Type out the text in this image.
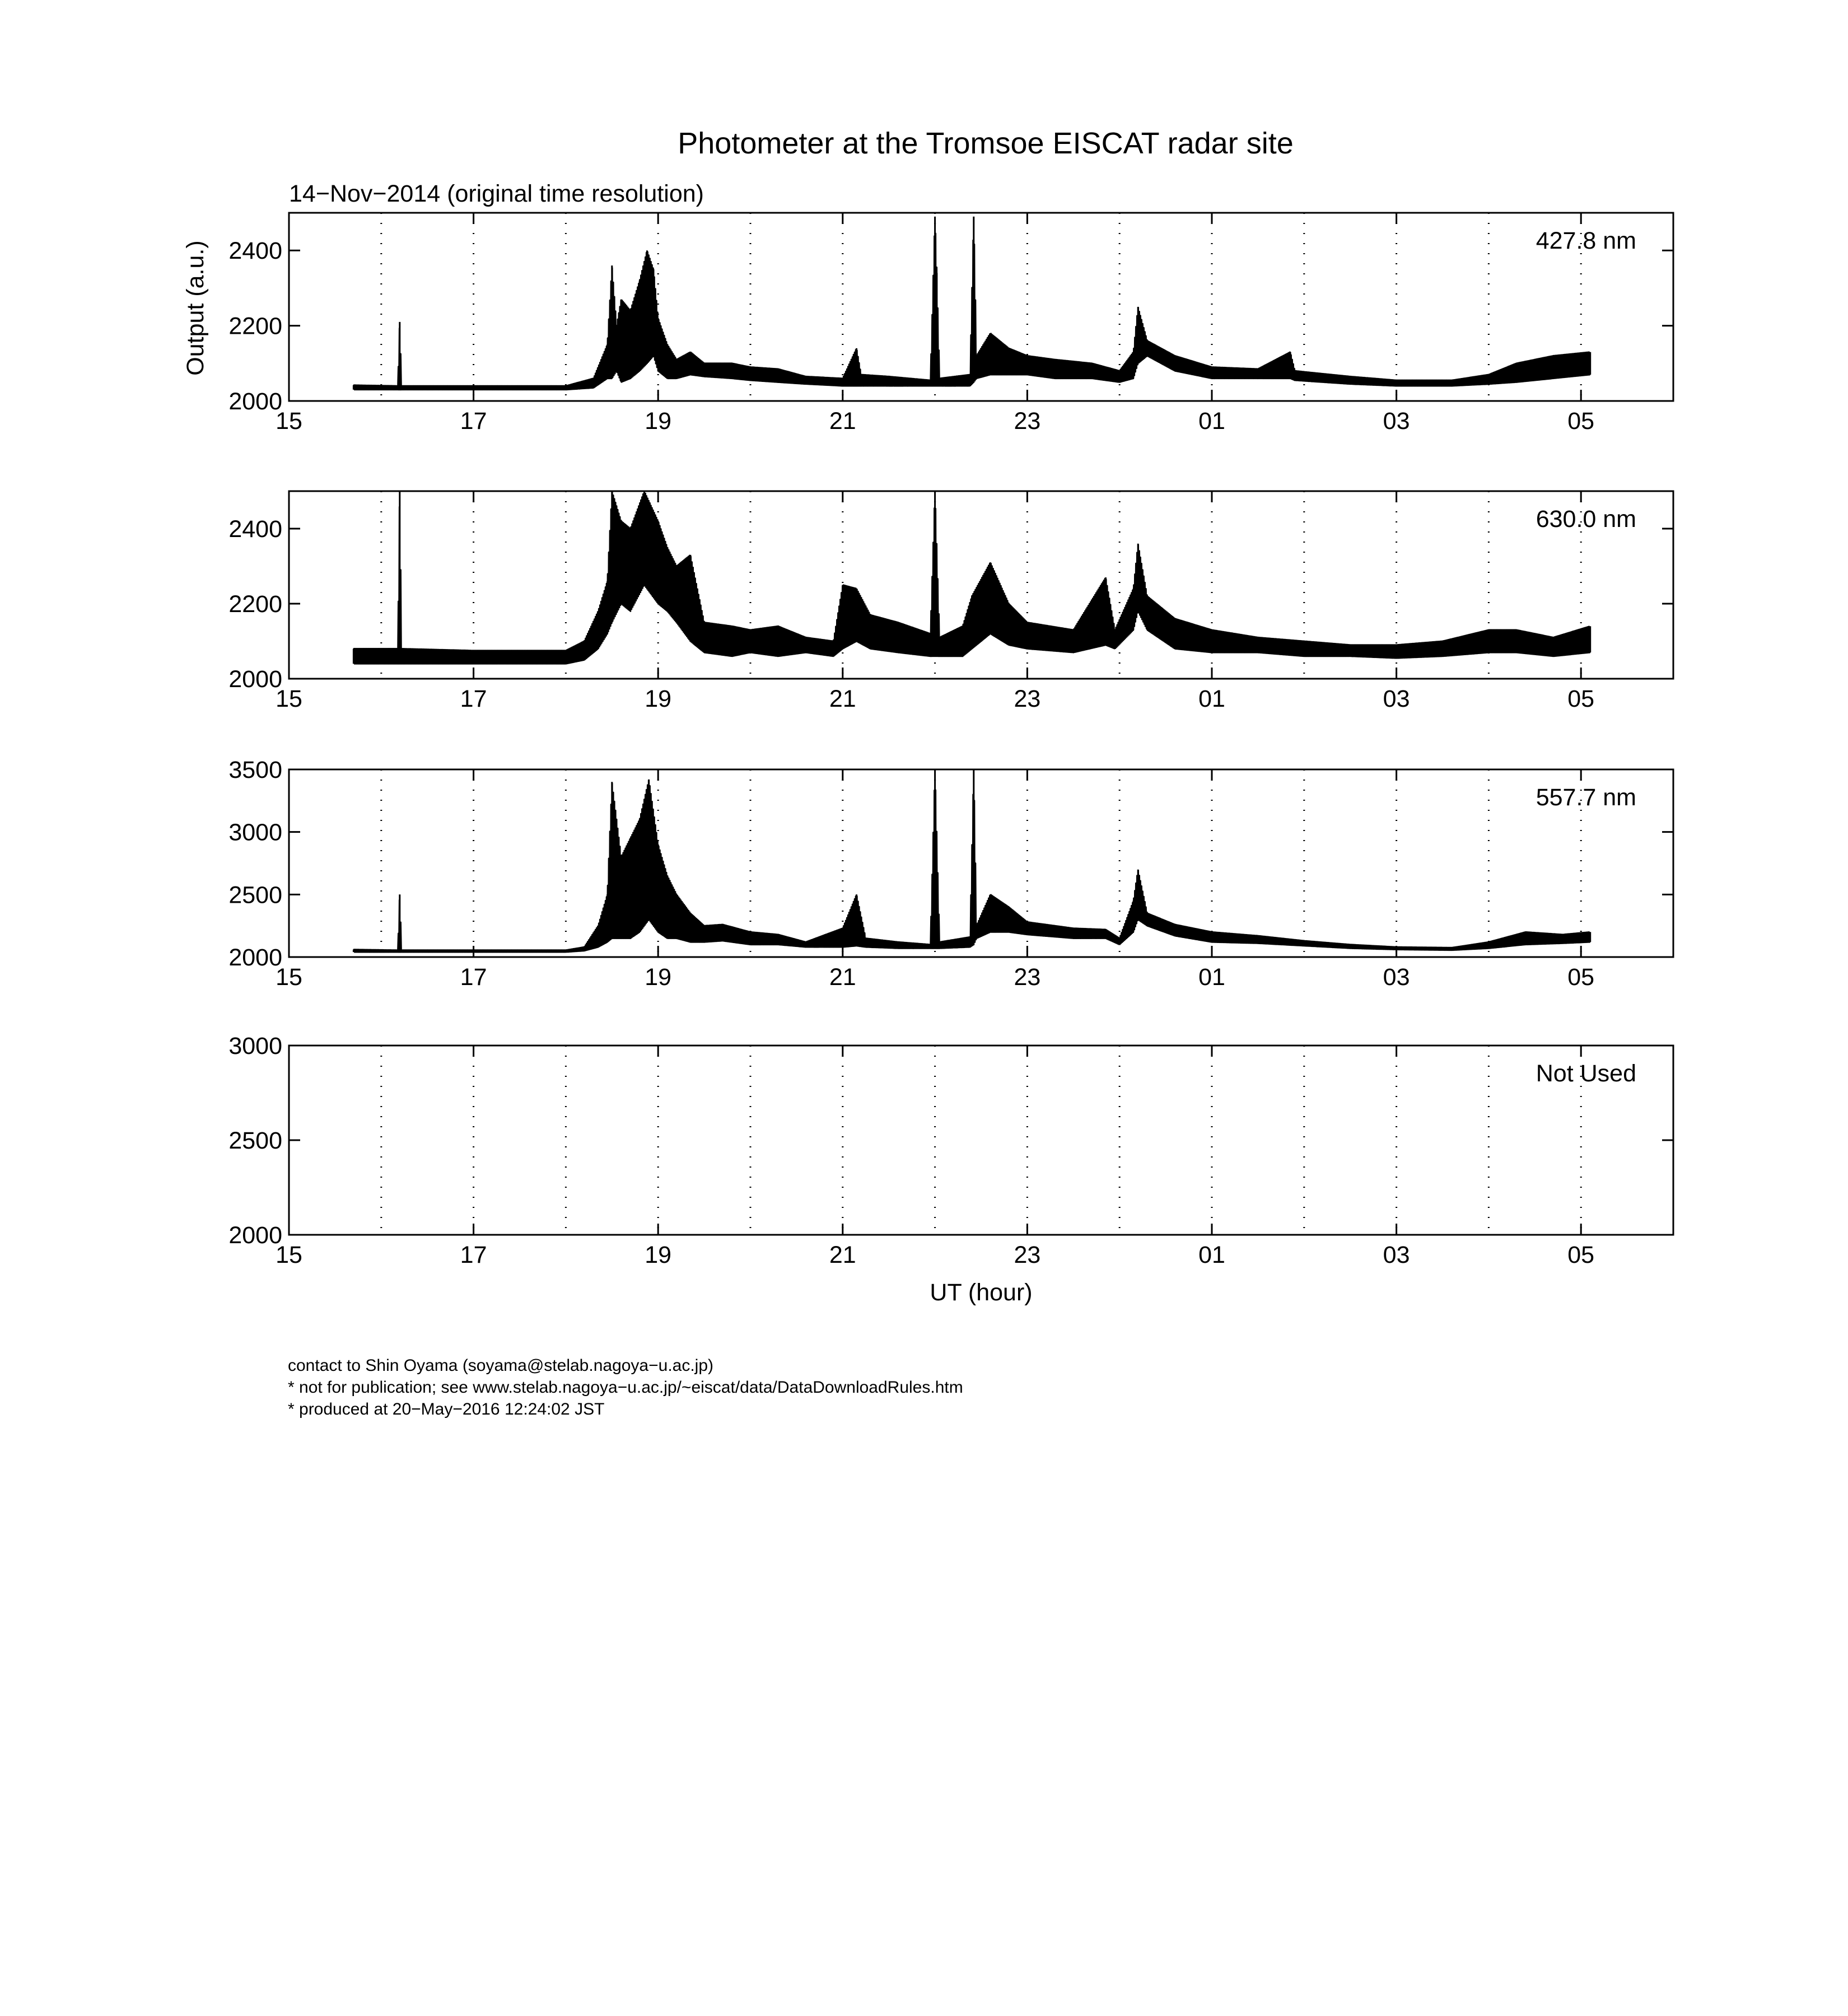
Photometer at the Tromsoe EISCAT radar site
14−Nov−2014 (original time resolution)
Output (a.u.)
UT (hour)
2000
2200
2400
15	17	19	21	23	01	03	05
427.8 nm
2000
2200
2400
15	17	19	21	23	01	03	05
630.0 nm
2000
2500
3000
3500
15	17	19	21	23	01	03	05
557.7 nm
2000
2500
3000
15	17	19	21	23	01	03	05
Not Used
contact to Shin Oyama (soyama@stelab.nagoya−u.ac.jp)
* not for publication; see www.stelab.nagoya−u.ac.jp/~eiscat/data/DataDownloadRules.htm
* produced at 20−May−2016 12:24:02 JST
